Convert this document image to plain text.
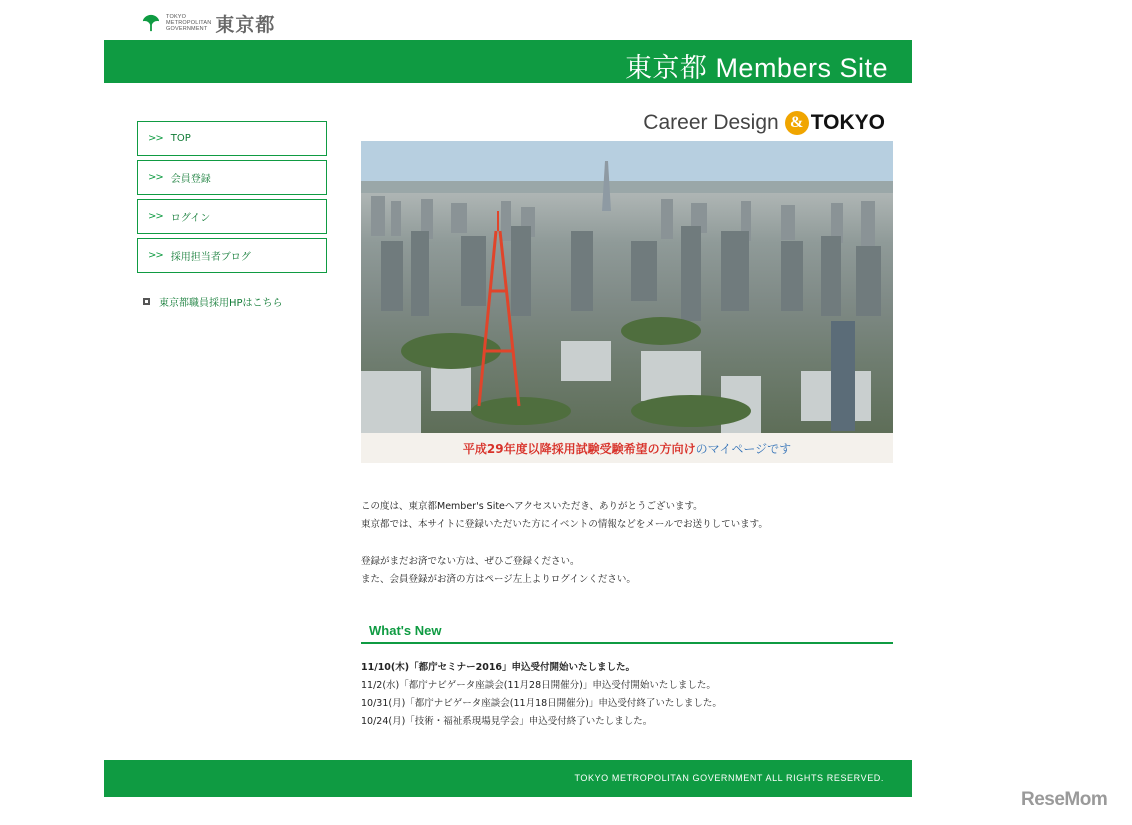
TOKYO
METROPOLITAN
GOVERNMENT 東京都
東京都 Members Site
>> TOP
>> 会員登録
>> ログイン
>> 採用担当者ブログ
東京都職員採用HPはこちら
Career Design & TOKYO
平成29年度以降採用試験受験希望の方向け のマイページです

この度は、東京都Member's Siteへアクセスいただき、ありがとうございます。
東京都では、本サイトに登録いただいた方にイベントの情報などをメールでお送りしています。

登録がまだお済でない方は、ぜひご登録ください。
また、会員登録がお済の方はページ左上よりログインください。

What's New
11/10(木)「都庁セミナー2016」申込受付開始いたしました。
11/2(水)「都庁ナビゲータ座談会(11月28日開催分)」申込受付開始いたしました。
10/31(月)「都庁ナビゲータ座談会(11月18日開催分)」申込受付終了いたしました。
10/24(月)「技術・福祉系現場見学会」申込受付終了いたしました。
TOKYO METROPOLITAN GOVERNMENT ALL RIGHTS RESERVED.
ReseMom
